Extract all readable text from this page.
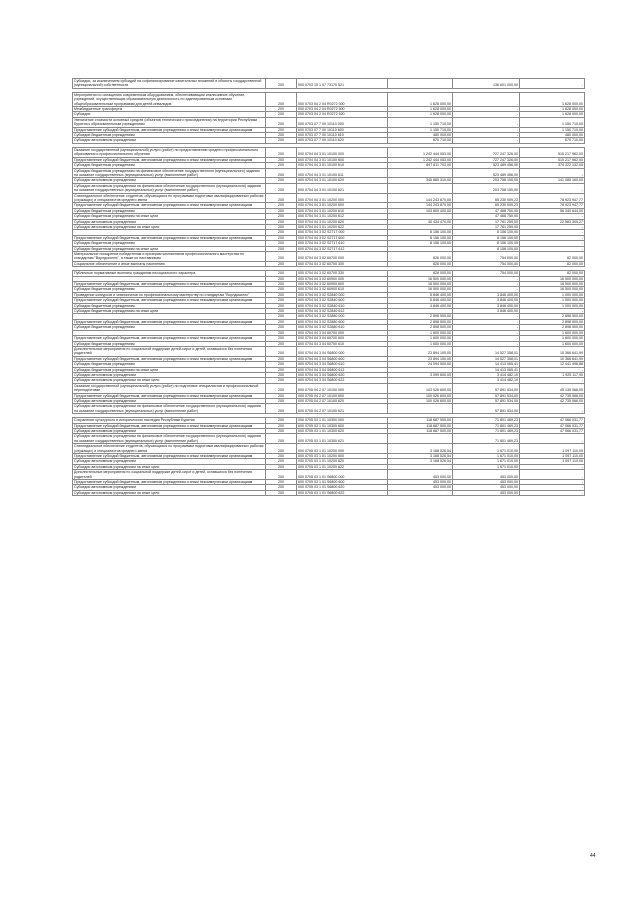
Субсидии, за исключением субсидий на софинансирование капитальных вложений в объекты государственной (муниципальной) собственности	200	000 0703 15 1 07 73170 521		136 601 000,00	-

Мероприятия по оснащению современным оборудованием, обеспечивающим инклюзивное обучение, учреждений, осуществляющих образовательную деятельность по адаптированным основным общеобразовательным программам для детей-инвалидов	200	000 0703 04 2 04 R0272 000	1 628 000,00	-	1 628 000,00
Межбюджетные трансферты	200	000 0703 04 2 04 R0272 500	1 628 000,00	-	1 628 000,00
Субсидии	200	000 0703 04 2 04 R0272 520	1 628 000,00	-	1 628 000,00
Увеличение стоимости основных средств (объектов технического присоединения) на территории Республики Бурятия к образовательным учреждениям	200	000 0703 07 7 00 10110 000	1 150 710,00	-	1 150 710,00
Предоставление субсидий бюджетным, автономным учреждениям и иным некоммерческим организациям	200	000 0703 07 7 00 10110 600	1 150 710,00	-	1 150 710,00
Субсидии бюджетным учреждениям	200	000 0703 07 7 00 10110 610	480 000,00	-	480 000,00
Субсидии автономным учреждениям	200	000 0703 07 7 00 10110 620	670 710,00	-	670 710,00

Оказание государственной (муниципальной) услуги (работ) по предоставлению среднего профессионального образования и профессионального обучения	200	000 0704 04 3 01 10100 000	1 242 444 053,00	727 247 326,00	515 217 962,00
Предоставление субсидий бюджетным, автономным учреждениям и иным некоммерческим организациям	200	000 0704 04 3 01 10100 600	1 242 444 053,00	727 247 326,00	515 217 962,00
Субсидии бюджетным учреждениям	200	000 0704 04 3 01 10100 610	897 811 703,00	523 489 456,00	374 322 132,00
Субсидии бюджетным учреждениям на финансовое обеспечение государственного (муниципального) задания на оказание государственных (муниципальных) услуг (выполнение работ)	200	000 0704 04 3 01 10100 611		523 489 456,00	-
Субсидии автономным учреждениям	200	000 0704 04 3 01 10100 620	345 665 310,00	203 758 150,00	141 085 160,00
Субсидии автономным учреждениям на финансовое обеспечение государственного (муниципального) задания на оказание государственных (муниципальных) услуг (выполнение работ)	200	000 0704 04 3 01 10100 621		203 758 150,00	-
Стипендиальное обеспечение студентов, обучающихся по программам подготовки квалифицированных рабочих (служащих) и специалистов среднего звена	200	000 0704 04 3 01 10200 000	144 243 870,00	65 230 009,23	78 923 947,77
Предоставление субсидий бюджетным, автономным учреждениям и иным некоммерческим организациям	200	000 0704 04 3 01 10200 600	144 243 870,00	65 230 009,23	78 923 947,77
Субсидии бюджетным учреждениям	200	000 0704 04 3 01 10200 610	103 809 400,00	47 468 750,00	56 340 644,00
Субсидии бюджетным учреждениям на иные цели	200	000 0704 04 3 01 10200 612		47 468 750,00	-
Субсидии автономным учреждениям	200	000 0704 04 3 01 10200 620	40 434 470,00	17 761 259,00	22 583 305,27
Субсидии автономным учреждениям на иные цели	200	000 0704 04 3 01 10200 622		17 761 259,00	-
	200	000 0704 04 3 02 S2717 000	8 156 100,00	8 156 100,00	-
Предоставление субсидий бюджетным, автономным учреждениям и иным некоммерческим организациям	200	000 0704 04 3 02 S2717 600	8 156 100,00	8 156 100,00	-
Субсидии бюджетным учреждениям	200	000 0704 04 3 02 S2717 610	8 156 100,00	8 156 100,00	-
Субсидии бюджетным учреждениям на иные цели	200	000 0704 04 3 02 S2717 612		8 156 100,00	-
Материальное поощрение победителям и призерам чемпионатов профессионального мастерства по стандартам "Ворлдскиллс", а также их наставникам	200	000 0704 04 3 02 60700 000	826 000,00	754 000,00	82 000,00
Социальное обеспечение и иные выплаты населению	200	000 0704 04 3 02 60700 300	826 000,00	754 000,00	82 000,00

Публичные нормативные выплаты гражданам несоциального характера	200	000 0704 04 3 02 60700 330	826 000,00	754 000,00	82 000,00
	200	000 0704 04 3 02 60900 000	16 500 000,00	-	16 500 000,00
Предоставление субсидий бюджетным, автономным учреждениям и иным некоммерческим организациям	200	000 0704 04 3 02 60900 600	16 500 000,00	-	16 500 000,00
Субсидии бюджетным учреждениям	200	000 0704 04 3 02 60900 610	16 500 000,00	-	16 500 000,00
Проведение конкурсов и чемпионатов по профессиональному мастерству по стандартам "Ворлдскиллс"	200	000 0704 04 3 02 S2840 000	5 846 400,00	3 846 400,00	1 000 000,00
Предоставление субсидий бюджетным, автономным учреждениям и иным некоммерческим организациям	200	000 0704 04 3 02 S2840 600	5 846 400,00	3 846 400,00	1 500 000,00
Субсидии бюджетным учреждениям	200	000 0704 04 3 02 S2840 610	4 846 400,00	3 846 400,00	1 000 000,00
Субсидии бюджетным учреждениям на иные цели	200	000 0704 04 3 02 S2840 612		3 846 400,00	-
	200	000 0704 04 3 02 S2880 000	2 898 500,00	-	2 898 500,00
Предоставление субсидий бюджетным, автономным учреждениям и иным некоммерческим организациям	200	000 0704 04 3 02 S2880 600	2 898 500,00	-	2 898 500,00
Субсидии бюджетным учреждениям	200	000 0704 04 3 02 S2880 610	2 898 500,00	-	2 898 500,00
	200	000 0704 04 3 04 60700 000	1 600 000,00	-	1 600 000,00
Предоставление субсидий бюджетным, автономным учреждениям и иным некоммерческим организациям	200	000 0704 04 3 04 60700 600	1 600 000,00	-	1 600 000,00
Субсидии бюджетным учреждениям	200	000 0704 04 3 04 60700 610	1 600 000,00	-	1 600 000,00
Дополнительные мероприятия по социальной поддержке детей-сирот и детей, оставшихся без попечения родителей	200	000 0704 04 3 04 S6800 000	23 894 100,00	14 527 358,01	10 366 641,99
Предоставление субсидий бюджетным, автономным учреждениям и иным некоммерческим организациям	200	000 0704 04 3 04 S6800 600	23 894 100,00	14 527 358,01	10 366 641,99
Субсидии бюджетным учреждениям	200	000 0704 04 3 04 S6800 610	24 094 500,00	14 413 065,41	12 441 496,88
Субсидии бюджетным учреждениям на иные цели	200	000 0704 04 3 04 S6800 612		14 413 065,41	-
Субсидии автономным учреждениям	200	000 0704 04 3 04 S6800 620	3 099 600,00	3 414 482,10	1 925 117,90
Субсидии автономным учреждениям на иные цели	200	000 0704 04 3 04 S6800 622		3 414 482,10	-
Оказание государственной (муниципальной) услуги (работ) по подготовке специалистов и профессиональной переподготовке	200	000 0705 04 2 07 10100 000	103 026 600,00	57 891 534,00	45 135 066,00
Предоставление субсидий бюджетным, автономным учреждениям и иным некоммерческим организациям	200	000 0705 04 2 07 10100 600	100 026 600,00	57 891 534,00	42 735 066,00
Субсидии автономным учреждениям	200	000 0705 04 2 07 10100 620	100 026 600,00	57 891 534,00	42 735 066,00
Субсидии автономным учреждениям на финансовое обеспечение государственного (муниципального) задания на оказание государственных (муниципальных) услуг (выполнение работ)	200	000 0705 04 2 07 10100 621		57 891 534,00	-

Сохранение культурного и исторического наследия Республики Бурятия	200	000 0705 03 1 01 10300 000	118 687 500,00	71 801 469,23	47 066 031,77
Предоставление субсидий бюджетным, автономным учреждениям и иным некоммерческим организациям	200	000 0705 03 1 01 10300 600	118 687 500,00	71 801 469,23	47 066 031,77
Субсидии автономным учреждениям	200	000 0705 03 1 01 10300 620	118 687 500,00	71 801 469,23	47 066 031,77
Субсидии автономным учреждениям на финансовое обеспечение государственного (муниципального) задания на оказание государственных (муниципальных) услуг (выполнение работ)	200	000 0705 03 1 01 10300 621		71 801 469,23	-
Стипендиальное обеспечение студентов, обучающихся по программам подготовки квалифицированных рабочих (служащих) и специалистов среднего звена	200	000 0705 03 1 01 10200 000	3 168 526,54	1 671 010,00	1 097 110,00
Предоставление субсидий бюджетным, автономным учреждениям и иным некоммерческим организациям	200	000 0705 03 1 01 10200 600	3 168 526,54	1 671 010,00	1 097 110,00
Субсидии автономным учреждениям	200	000 0705 03 1 01 10200 620	3 168 526,54	1 671 010,00	1 097 110,00
Субсидии автономным учреждениям на иные цели	200	000 0705 03 1 01 10200 622		1 671 010,00	-
Дополнительные мероприятия по социальной поддержке детей-сирот и детей, оставшихся без попечения родителей	200	000 0705 03 1 01 S6800 000	453 000,00	453 000,00	-
Предоставление субсидий бюджетным, автономным учреждениям и иным некоммерческим организациям	200	000 0705 03 1 01 S6800 600	453 000,00	453 000,00	-
Субсидии автономным учреждениям	200	000 0705 03 1 01 S6800 620	453 000,00	453 000,00	-
Субсидии автономным учреждениям на иные цели	200	000 0705 03 1 01 S6800 622		453 000,00	-
44
